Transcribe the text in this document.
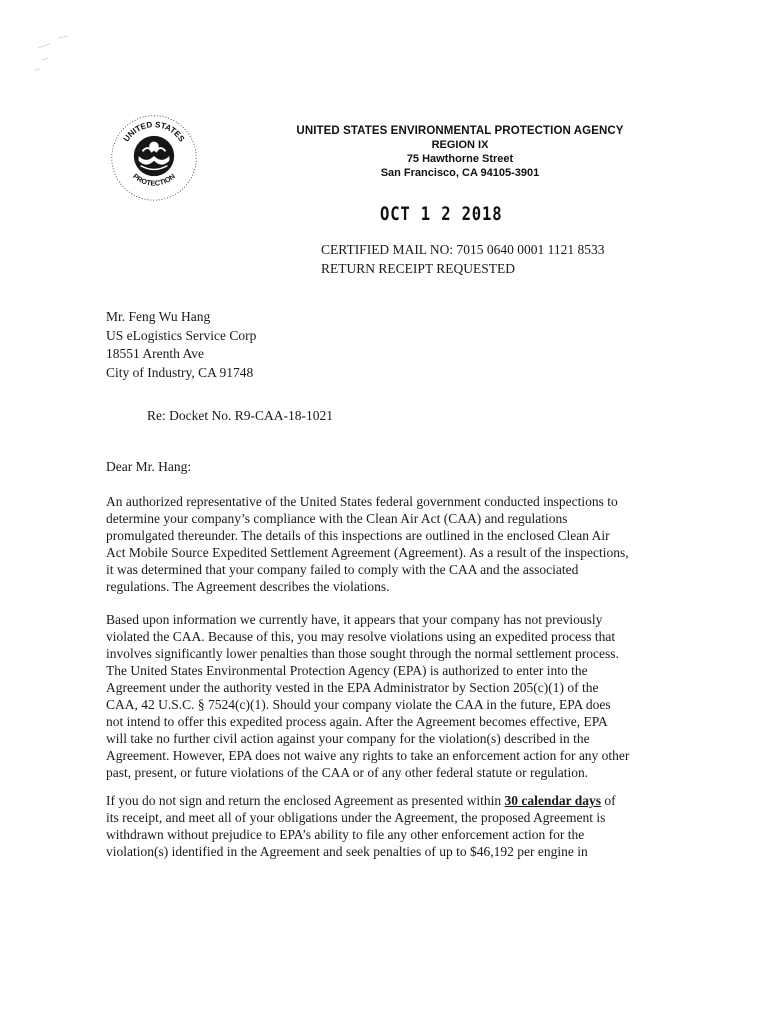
UNITED STATES
PROTECTION
UNITED STATES ENVIRONMENTAL PROTECTION AGENCY
REGION IX
75 Hawthorne Street
San Francisco, CA 94105-3901
OCT 1 2 2018
CERTIFIED MAIL NO: 7015 0640 0001 1121 8533
RETURN RECEIPT REQUESTED
Mr. Feng Wu Hang
US eLogistics Service Corp
18551 Arenth Ave
City of Industry, CA 91748
Re: Docket No. R9-CAA-18-1021
Dear Mr. Hang:
An authorized representative of the United States federal government conducted inspections to
determine your company’s compliance with the Clean Air Act (CAA) and regulations
promulgated thereunder. The details of this inspections are outlined in the enclosed Clean Air
Act Mobile Source Expedited Settlement Agreement (Agreement). As a result of the inspections,
it was determined that your company failed to comply with the CAA and the associated
regulations. The Agreement describes the violations.
Based upon information we currently have, it appears that your company has not previously
violated the CAA. Because of this, you may resolve violations using an expedited process that
involves significantly lower penalties than those sought through the normal settlement process.
The United States Environmental Protection Agency (EPA) is authorized to enter into the
Agreement under the authority vested in the EPA Administrator by Section 205(c)(1) of the
CAA, 42 U.S.C. § 7524(c)(1). Should your company violate the CAA in the future, EPA does
not intend to offer this expedited process again. After the Agreement becomes effective, EPA
will take no further civil action against your company for the violation(s) described in the
Agreement. However, EPA does not waive any rights to take an enforcement action for any other
past, present, or future violations of the CAA or of any other federal statute or regulation.
If you do not sign and return the enclosed Agreement as presented within 30 calendar days of
its receipt, and meet all of your obligations under the Agreement, the proposed Agreement is
withdrawn without prejudice to EPA’s ability to file any other enforcement action for the
violation(s) identified in the Agreement and seek penalties of up to $46,192 per engine in
